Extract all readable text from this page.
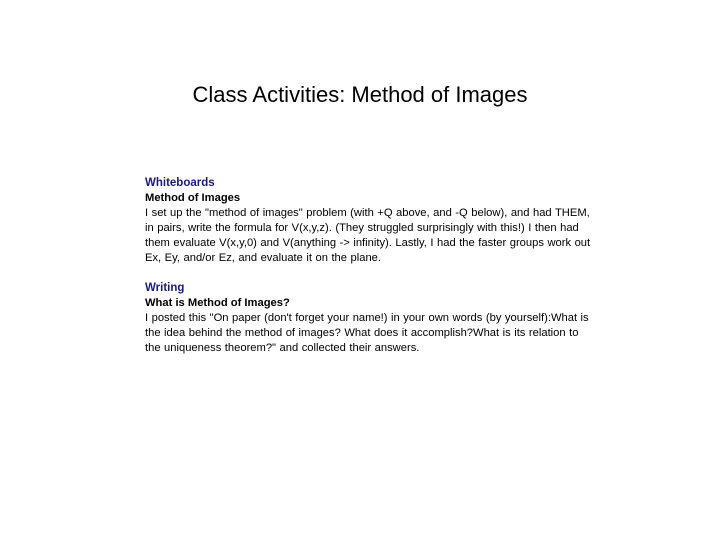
Class Activities: Method of Images
Whiteboards
Method of Images

I set up the "method of images" problem (with +Q above, and -Q below), and had THEM, in pairs, write the formula for V(x,y,z). (They struggled surprisingly with this!) I then had them evaluate V(x,y,0) and V(anything -> infinity). Lastly, I had the faster groups work out Ex, Ey, and/or Ez, and evaluate it on the plane.

Writing
What is Method of Images?

I posted this "On paper (don't forget your name!) in your own words (by yourself):What is the idea behind the method of images? What does it accomplish?What is its relation to the uniqueness theorem?" and collected their answers.
